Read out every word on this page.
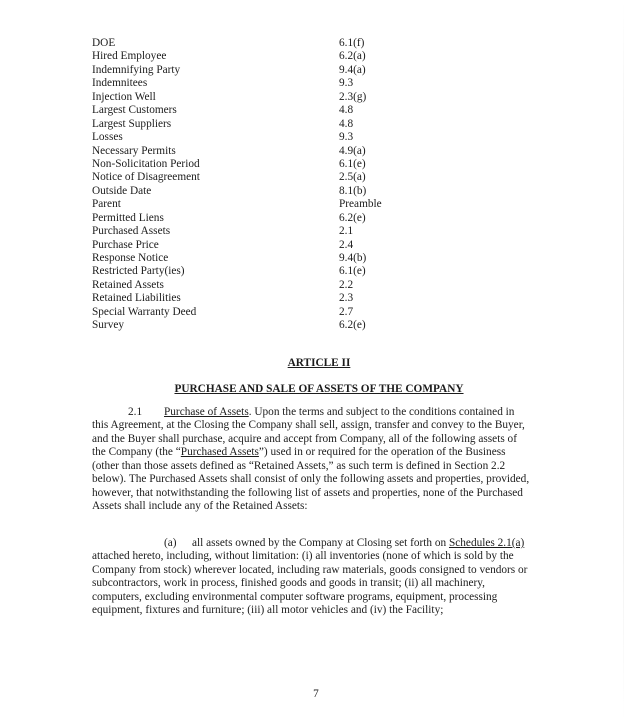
DOE	6.1(f)
Hired Employee	6.2(a)
Indemnifying Party	9.4(a)
Indemnitees	9.3
Injection Well	2.3(g)
Largest Customers	4.8
Largest Suppliers	4.8
Losses	9.3
Necessary Permits	4.9(a)
Non-Solicitation Period	6.1(e)
Notice of Disagreement	2.5(a)
Outside Date	8.1(b)
Parent	Preamble
Permitted Liens	6.2(e)
Purchased Assets	2.1
Purchase Price	2.4
Response Notice	9.4(b)
Restricted Party(ies)	6.1(e)
Retained Assets	2.2
Retained Liabilities	2.3
Special Warranty Deed	2.7
Survey	6.2(e)
ARTICLE II
PURCHASE AND SALE OF ASSETS OF THE COMPANY
2.1 Purchase of Assets. Upon the terms and subject to the conditions contained in this Agreement, at the Closing the Company shall sell, assign, transfer and convey to the Buyer, and the Buyer shall purchase, acquire and accept from Company, all of the following assets of the Company (the “Purchased Assets”) used in or required for the operation of the Business (other than those assets defined as “Retained Assets,” as such term is defined in Section 2.2 below). The Purchased Assets shall consist of only the following assets and properties, provided, however, that notwithstanding the following list of assets and properties, none of the Purchased Assets shall include any of the Retained Assets:
(a) all assets owned by the Company at Closing set forth on Schedules 2.1(a) attached hereto, including, without limitation: (i) all inventories (none of which is sold by the Company from stock) wherever located, including raw materials, goods consigned to vendors or subcontractors, work in process, finished goods and goods in transit; (ii) all machinery, computers, excluding environmental computer software programs, equipment, processing equipment, fixtures and furniture; (iii) all motor vehicles and (iv) the Facility;
7
